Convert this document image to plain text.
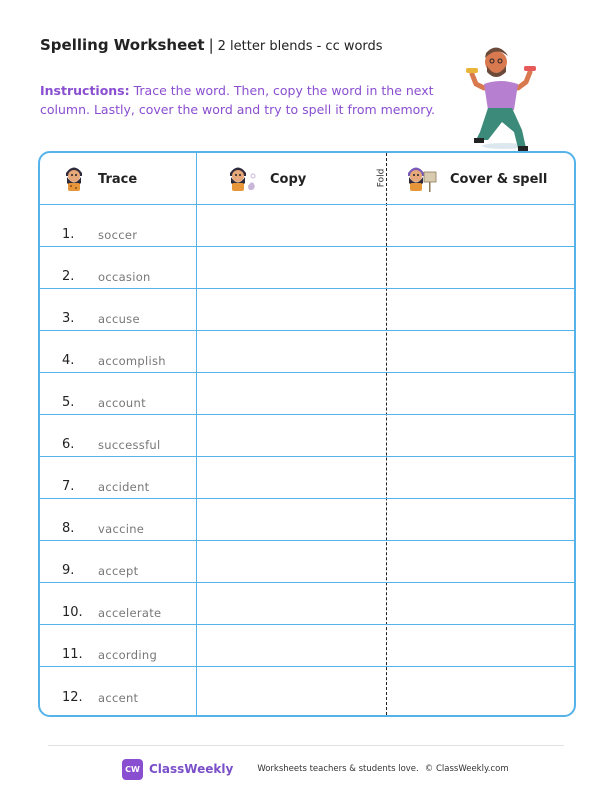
Spelling Worksheet | 2 letter blends - cc words
Instructions: Trace the word. Then, copy the word in the next column. Lastly, cover the word and try to spell it from memory.
Trace	Copy	Fold	Cover & spell
1. soccer
2. occasion
3. accuse
4. accomplish
5. account
6. successful
7. accident
8. vaccine
9. accept
10. accelerate
11. according
12. accent
CW ClassWeekly	Worksheets teachers & students love. © ClassWeekly.com
